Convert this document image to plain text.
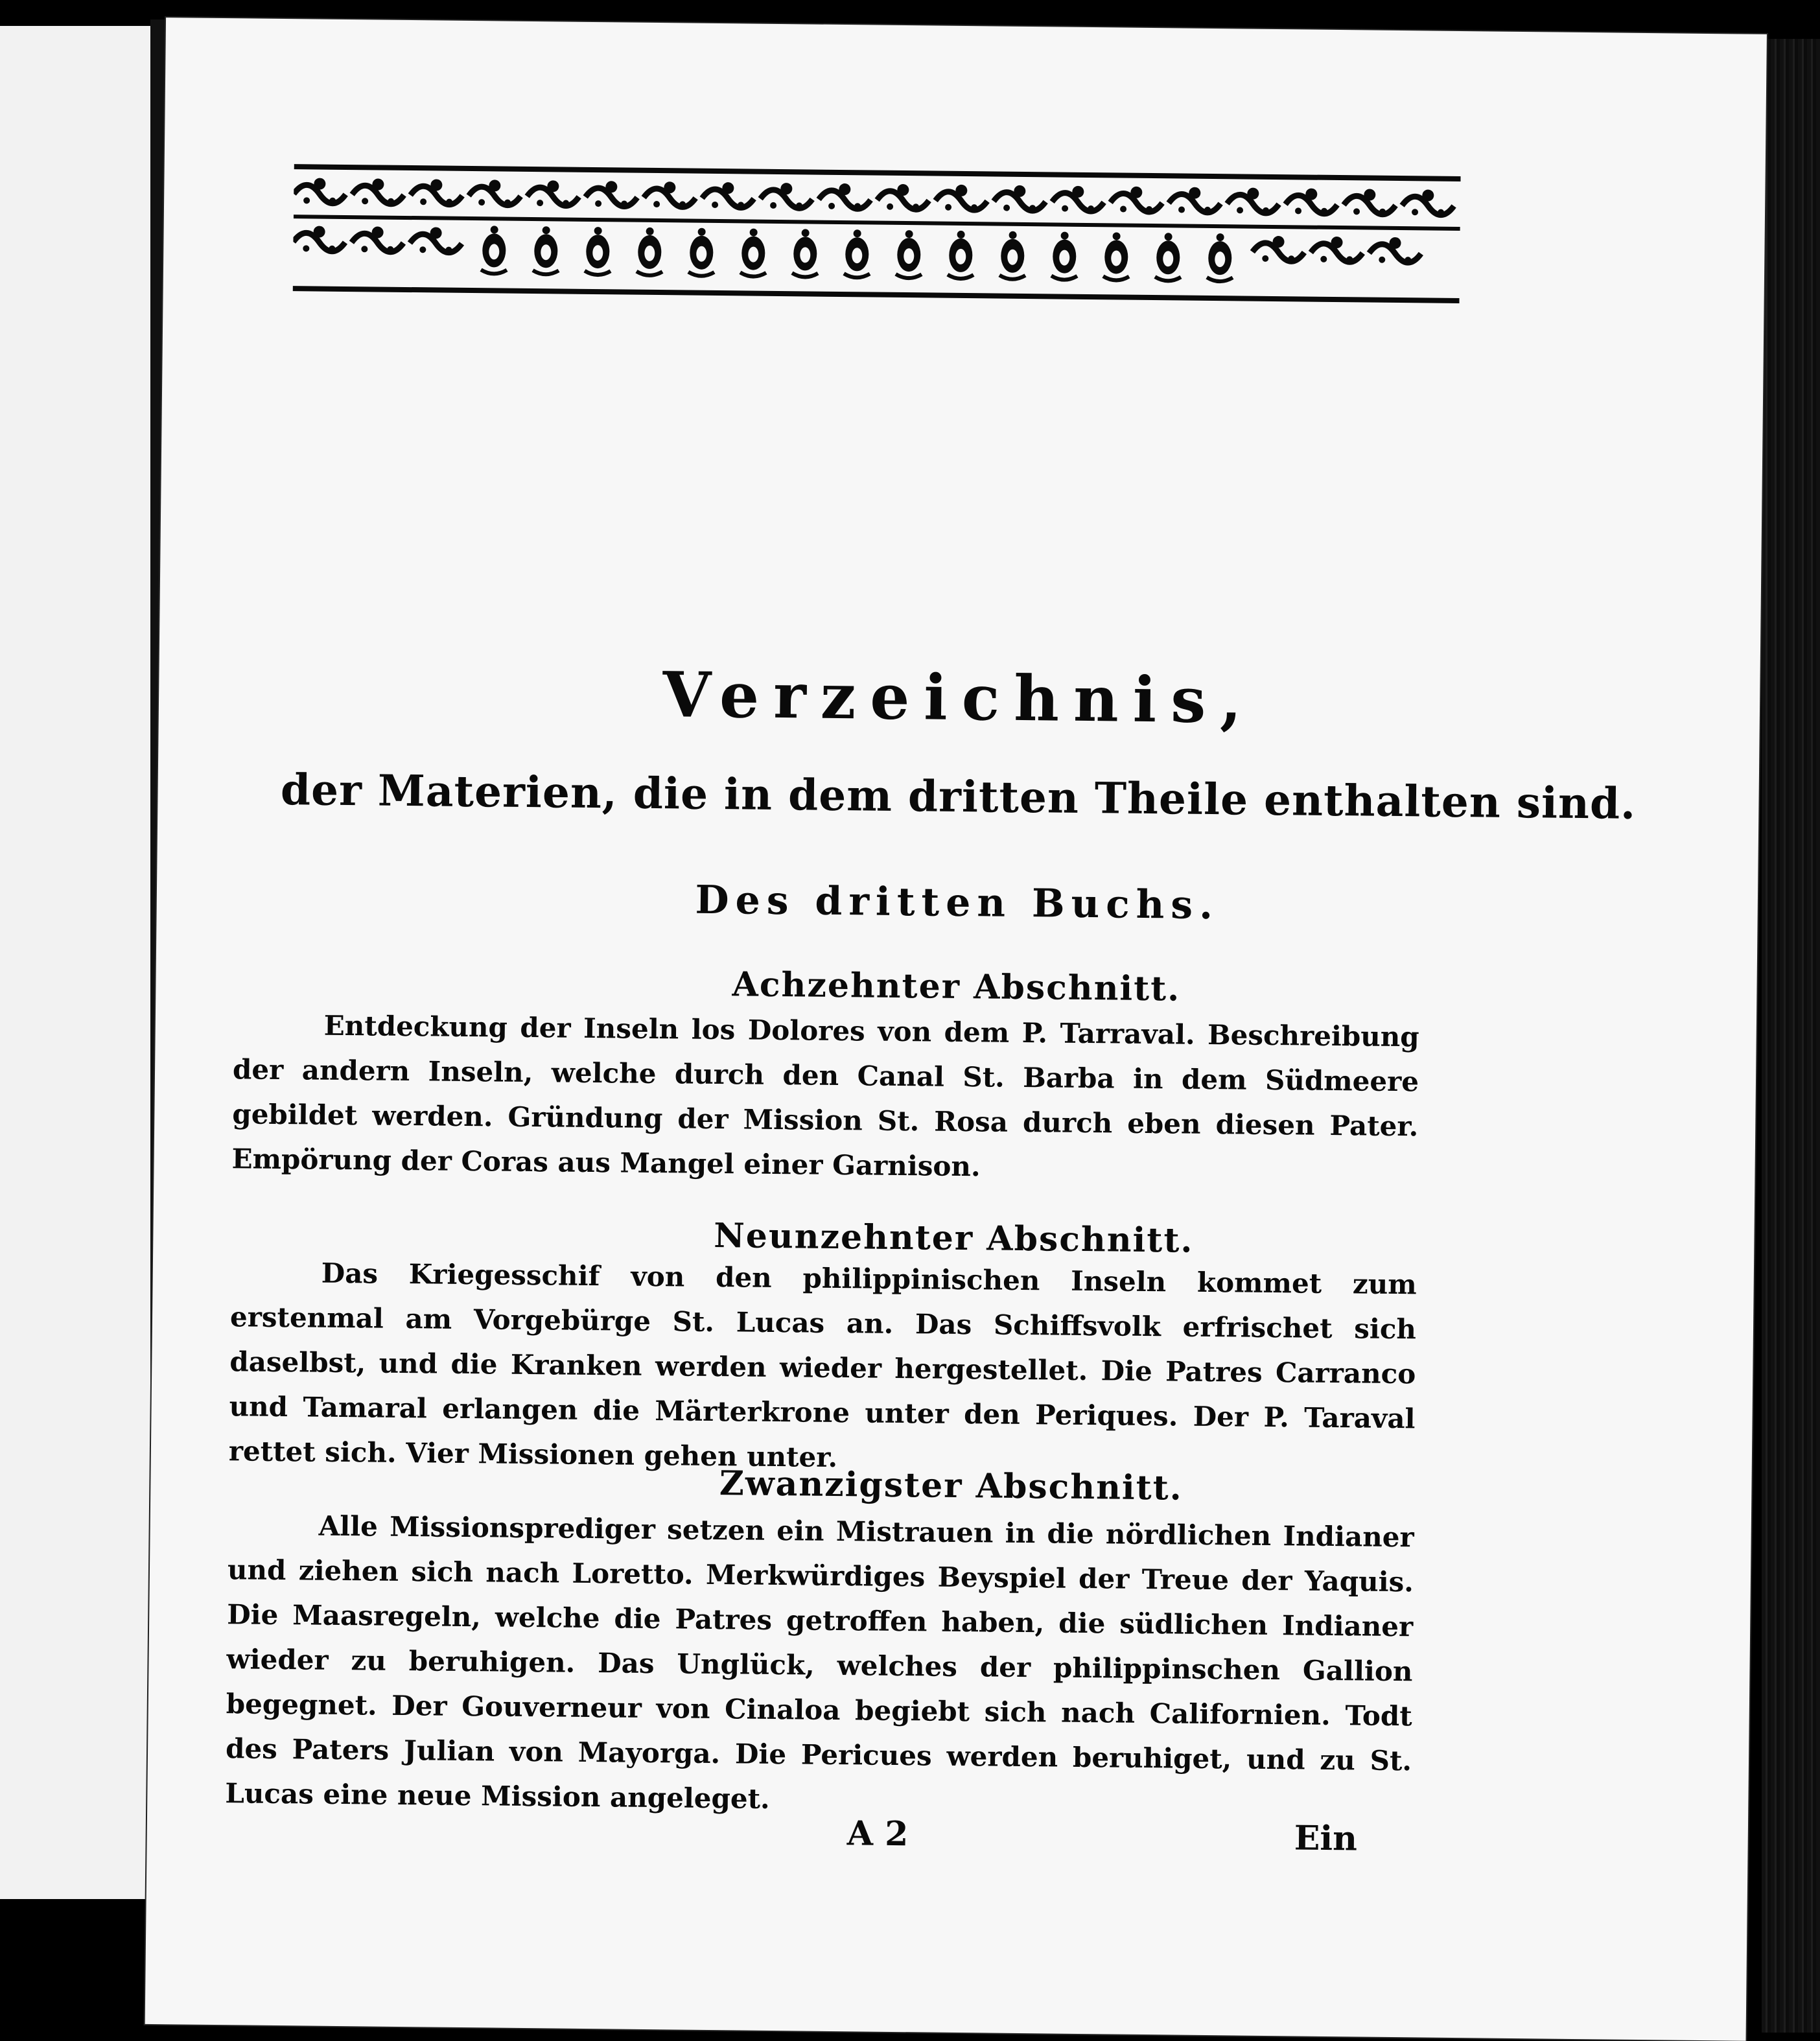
Verzeichnis,
der Materien, die in dem dritten Theile enthalten sind.
Des dritten Buchs.
Achzehnter Abschnitt.
Entdeckung der Inseln los Dolores von dem P. Tarraval. Beschreibung der andern Inseln, welche durch den Canal St. Barba in dem Südmeere gebildet werden. Gründung der Mission St. Rosa durch eben diesen Pater. Empörung der Coras aus Mangel einer Garnison.
Neunzehnter Abschnitt.
Das Kriegesschif von den philippinischen Inseln kommet zum erstenmal am Vorgebürge St. Lucas an. Das Schiffsvolk erfrischet sich daselbst, und die Kranken werden wieder hergestellet. Die Patres Carranco und Tamaral erlangen die Märterkrone unter den Periques. Der P. Taraval rettet sich. Vier Missionen gehen unter.
Zwanzigster Abschnitt.
Alle Missionsprediger setzen ein Mistrauen in die nördlichen Indianer und ziehen sich nach Loretto. Merkwürdiges Beyspiel der Treue der Yaquis. Die Maasregeln, welche die Patres getroffen haben, die südlichen Indianer wieder zu beruhigen. Das Unglück, welches der philippinschen Gallion begegnet. Der Gouverneur von Cinaloa begiebt sich nach Californien. Todt des Paters Julian von Mayorga. Die Pericues werden beruhiget, und zu St. Lucas eine neue Mission angeleget.
A 2	Ein
